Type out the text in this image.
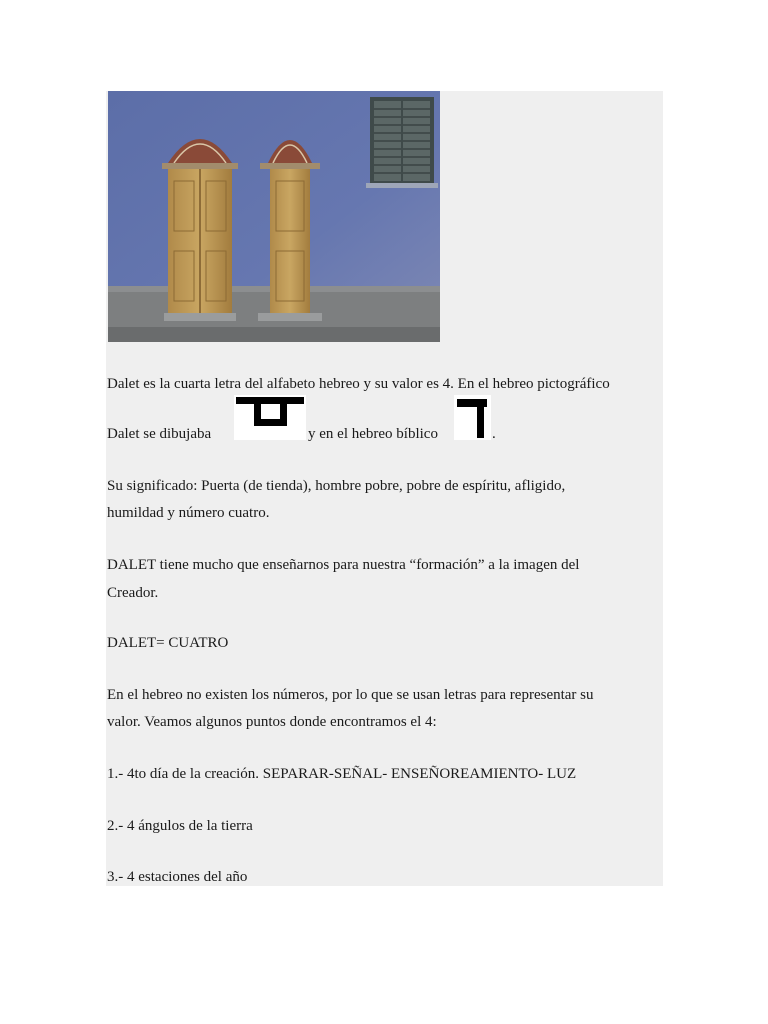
Dalet es la cuarta letra del alfabeto hebreo y su valor es 4. En el hebreo pictográfico

Dalet se dibujaba	y en el hebreo bíblico	.

Su significado: Puerta (de tienda), hombre pobre, pobre de espíritu, afligido,

humildad y número cuatro.

DALET tiene mucho que enseñarnos para nuestra “formación” a la imagen del

Creador.

DALET= CUATRO

En el hebreo no existen los números, por lo que se usan letras para representar su

valor. Veamos algunos puntos donde encontramos el 4:

1.- 4to día de la creación. SEPARAR-SEÑAL- ENSEÑOREAMIENTO- LUZ

2.- 4 ángulos de la tierra

3.- 4 estaciones del año
